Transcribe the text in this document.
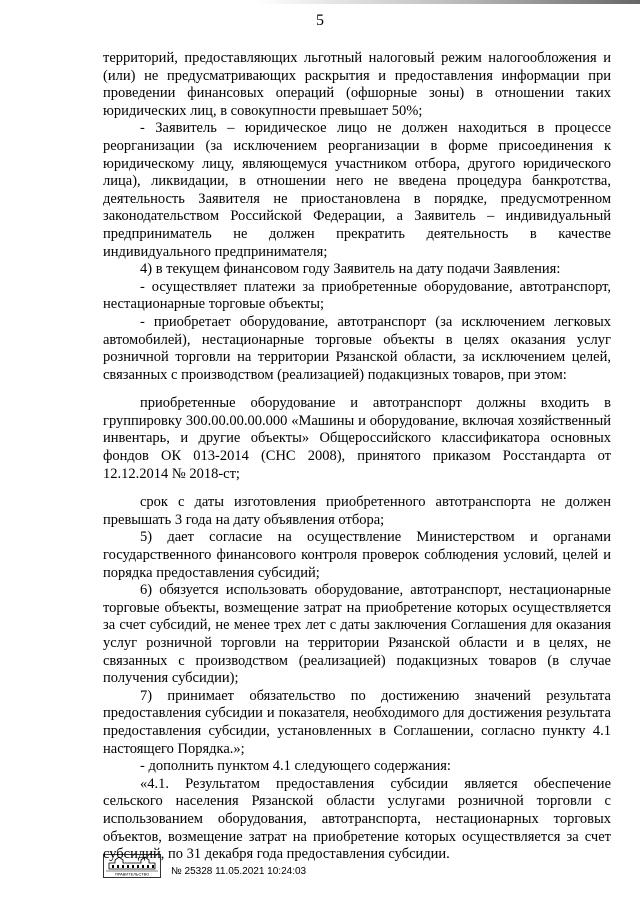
5

территорий, предоставляющих льготный налоговый режим налогообложения и (или) не предусматривающих раскрытия и предоставления информации при проведении финансовых операций (офшорные зоны) в отношении таких юридических лиц, в совокупности превышает 50%;

- Заявитель – юридическое лицо не должен находиться в процессе реорганизации (за исключением реорганизации в форме присоединения к юридическому лицу, являющемуся участником отбора, другого юридического лица), ликвидации, в отношении него не введена процедура банкротства, деятельность Заявителя не приостановлена в порядке, предусмотренном законодательством Российской Федерации, а Заявитель – индивидуальный предприниматель не должен прекратить деятельность в качестве индивидуального предпринимателя;

4) в текущем финансовом году Заявитель на дату подачи Заявления:

- осуществляет платежи за приобретенные оборудование, автотранспорт, нестационарные торговые объекты;

- приобретает оборудование, автотранспорт (за исключением легковых автомобилей), нестационарные торговые объекты в целях оказания услуг розничной торговли на территории Рязанской области, за исключением целей, связанных с производством (реализацией) подакцизных товаров, при этом:

приобретенные оборудование и автотранспорт должны входить в группировку 300.00.00.00.000 «Машины и оборудование, включая хозяйственный инвентарь, и другие объекты» Общероссийского классификатора основных фондов ОК 013-2014 (СНС 2008), принятого приказом Росстандарта от 12.12.2014 № 2018-ст;

срок с даты изготовления приобретенного автотранспорта не должен превышать 3 года на дату объявления отбора;

5) дает согласие на осуществление Министерством и органами государственного финансового контроля проверок соблюдения условий, целей и порядка предоставления субсидий;

6) обязуется использовать оборудование, автотранспорт, нестационарные торговые объекты, возмещение затрат на приобретение которых осуществляется за счет субсидий, не менее трех лет с даты заключения Соглашения для оказания услуг розничной торговли на территории Рязанской области и в целях, не связанных с производством (реализацией) подакцизных товаров (в случае получения субсидии);

7) принимает обязательство по достижению значений результата предоставления субсидии и показателя, необходимого для достижения результата предоставления субсидии, установленных в Соглашении, согласно пункту 4.1 настоящего Порядка.»;

- дополнить пунктом 4.1 следующего содержания:

«4.1. Результатом предоставления субсидии является обеспечение сельского населения Рязанской области услугами розничной торговли с использованием оборудования, автотранспорта, нестационарных торговых объектов, возмещение затрат на приобретение которых осуществляется за счет субсидий, по 31 декабря года предоставления субсидии.

ПРАВИТЕЛЬСТВО № 25328 11.05.2021 10:24:03
